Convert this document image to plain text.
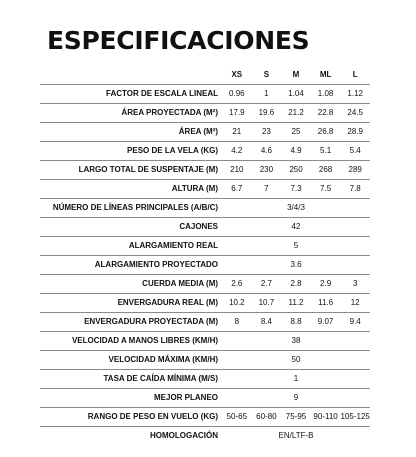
ESPECIFICACIONES
	XS	S	M	ML	L
FACTOR DE ESCALA LINEAL	0.96	1	1.04	1.08	1.12
ÁREA PROYECTADA (M²)	17.9	19.6	21.2	22.8	24.5
ÁREA (M²)	21	23	25	26.8	28.9
PESO DE LA VELA (KG)	4.2	4.6	4.9	5.1	5.4
LARGO TOTAL DE SUSPENTAJE (M)	210	230	250	268	289
ALTURA (M)	6.7	7	7.3	7.5	7.8
NÚMERO DE LÍNEAS PRINCIPALES (A/B/C)	3/4/3				
CAJONES	42				
ALARGAMIENTO REAL	5				
ALARGAMIENTO PROYECTADO	3.6				
CUERDA MEDIA (M)	2.6	2.7	2.8	2.9	3
ENVERGADURA REAL (M)	10.2	10.7	11.2	11.6	12
ENVERGADURA PROYECTADA (M)	8	8.4	8.8	9.07	9.4
VELOCIDAD A MANOS LIBRES (KM/H)	38				
VELOCIDAD MÁXIMA (KM/H)	50				
TASA DE CAÍDA MÍNIMA (M/S)	1				
MEJOR PLANEO	9				
RANGO DE PESO EN VUELO (KG)	50-65	60-80	75-95	90-110	105-125
HOMOLOGACIÓN	EN/LTF-B				
